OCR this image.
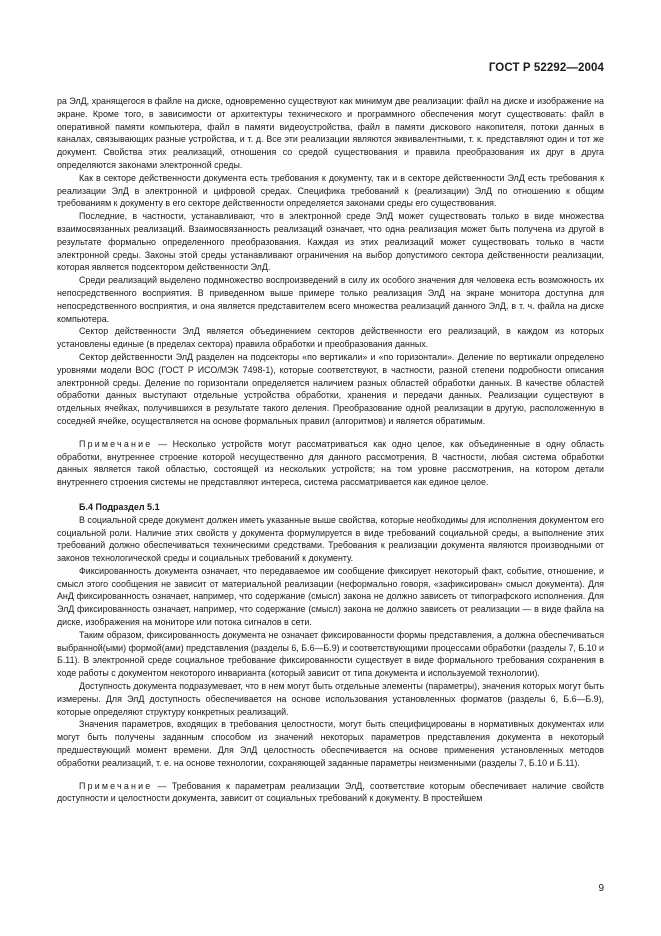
ГОСТ Р 52292—2004

ра ЭлД, хранящегося в файле на диске, одновременно существуют как минимум две реализации: файл на диске и изображение на экране. Кроме того, в зависимости от архитектуры технического и программного обеспечения могут существовать: файл в оперативной памяти компьютера, файл в памяти видеоустройства, файл в памяти дискового накопителя, потоки данных в каналах, связывающих разные устройства, и т. д. Все эти реализации являются эквивалентными, т. к. представляют один и тот же документ. Свойства этих реализаций, отношения со средой существования и правила преобразования их друг в друга определяются законами электронной среды.

Как в секторе действенности документа есть требования к документу, так и в секторе действенности ЭлД есть требования к реализации ЭлД в электронной и цифровой средах. Специфика требований к (реализации) ЭлД по отношению к общим требованиям к документу в его секторе действенности определяется законами среды его существования.

Последние, в частности, устанавливают, что в электронной среде ЭлД может существовать только в виде множества взаимосвязанных реализаций. Взаимосвязанность реализаций означает, что одна реализация может быть получена из другой в результате формально определенного преобразования. Каждая из этих реализаций может существовать только в части электронной среды. Законы этой среды устанавливают ограничения на выбор допустимого сектора действенности реализации, которая является подсектором действенности ЭлД.

Среди реализаций выделено подмножество воспроизведений в силу их особого значения для человека есть возможность их непосредственного восприятия. В приведенном выше примере только реализация ЭлД на экране монитора доступна для непосредственного восприятия, и она является представителем всего множества реализаций данного ЭлД, в т. ч. файла на диске компьютера.

Сектор действенности ЭлД является объединением секторов действенности его реализаций, в каждом из которых установлены единые (в пределах сектора) правила обработки и преобразования данных.

Сектор действенности ЭлД разделен на подсекторы «по вертикали» и «по горизонтали». Деление по вертикали определено уровнями модели ВОС (ГОСТ Р ИСО/МЭК 7498-1), которые соответствуют, в частности, разной степени подробности описания электронной среды. Деление по горизонтали определяется наличием разных областей обработки данных. В качестве областей обработки данных выступают отдельные устройства обработки, хранения и передачи данных. Реализации существуют в отдельных ячейках, получившихся в результате такого деления. Преобразование одной реализации в другую, расположенную в соседней ячейке, осуществляется на основе формальных правил (алгоритмов) и является обратимым.

Примечание — Несколько устройств могут рассматриваться как одно целое, как объединенные в одну область обработки, внутреннее строение которой несущественно для данного рассмотрения. В частности, любая система обработки данных является такой областью, состоящей из нескольких устройств; на том уровне рассмотрения, на котором детали внутреннего строения системы не представляют интереса, система рассматривается как единое целое.

Б.4 Подраздел 5.1

В социальной среде документ должен иметь указанные выше свойства, которые необходимы для исполнения документом его социальной роли. Наличие этих свойств у документа формулируется в виде требований социальной среды, а выполнение этих требований должно обеспечиваться техническими средствами. Требования к реализации документа являются производными от законов технологической среды и социальных требований к документу.

Фиксированность документа означает, что передаваемое им сообщение фиксирует некоторый факт, событие, отношение, и смысл этого сообщения не зависит от материальной реализации (неформально говоря, «зафиксирован» смысл документа). Для АнД фиксированность означает, например, что содержание (смысл) закона не должно зависеть от типографского исполнения. Для ЭлД фиксированность означает, например, что содержание (смысл) закона не должно зависеть от реализации — в виде файла на диске, изображения на мониторе или потока сигналов в сети.

Таким образом, фиксированность документа не означает фиксированности формы представления, а должна обеспечиваться выбранной(ыми) формой(ами) представления (разделы 6, Б.6—Б.9) и соответствующими процессами обработки (разделы 7, Б.10 и Б.11). В электронной среде социальное требование фиксированности существует в виде формального требования сохранения в ходе работы с документом некоторого инварианта (который зависит от типа документа и используемой технологии).

Доступность документа подразумевает, что в нем могут быть отдельные элементы (параметры), значения которых могут быть измерены. Для ЭлД доступность обеспечивается на основе использования установленных форматов (разделы 6, Б.6—Б.9), которые определяют структуру конкретных реализаций.

Значения параметров, входящих в требования целостности, могут быть специфицированы в нормативных документах или могут быть получены заданным способом из значений некоторых параметров представления документа в некоторый предшествующий момент времени. Для ЭлД целостность обеспечивается на основе применения установленных методов обработки реализаций, т. е. на основе технологии, сохраняющей заданные параметры неизменными (разделы 7, Б.10 и Б.11).

Примечание — Требования к параметрам реализации ЭлД, соответствие которым обеспечивает наличие свойств доступности и целостности документа, зависит от социальных требований к документу. В простейшем

9
